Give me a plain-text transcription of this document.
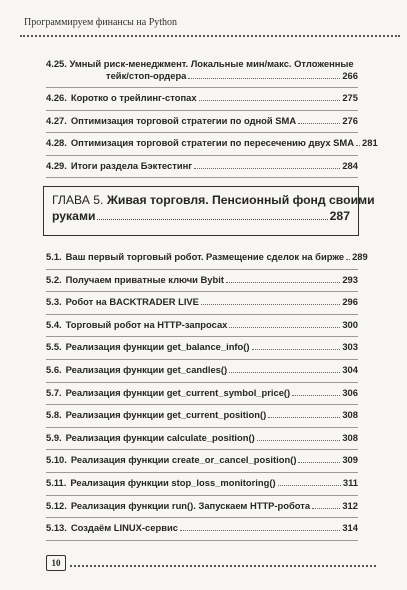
Программируем финансы на Python
4.25. Умный риск-менеджмент. Локальные мин/макс. Отложенные
тейк/стоп-ордера	266
4.26. Коротко о трейлинг-стопах	275
4.27. Оптимизация торговой стратегии по одной SMA	276
4.28. Оптимизация торговой стратегии по пересечению двух SMA 281
4.29. Итоги раздела Бэктестинг	284
ГЛАВА 5. Живая торговля. Пенсионный фонд своими
руками	287
5.1. Ваш первый торговый робот. Размещение сделок на бирже 289
5.2. Получаем приватные ключи Bybit	293
5.3. Робот на BACKTRADER LIVE	296
5.4. Торговый робот на HTTP-запросах	300
5.5. Реализация функции get_balance_info()	303
5.6. Реализация функции get_candles()	304
5.7. Реализация функции get_current_symbol_price()	306
5.8. Реализация функции get_current_position()	308
5.9. Реализация функции calculate_position()	308
5.10. Реализация функции create_or_cancel_position()	309
5.11. Реализация функции stop_loss_monitoring()	311
5.12. Реализация функции run(). Запускаем HTTP-робота	312
5.13. Создаём LINUX-сервис	314
10
